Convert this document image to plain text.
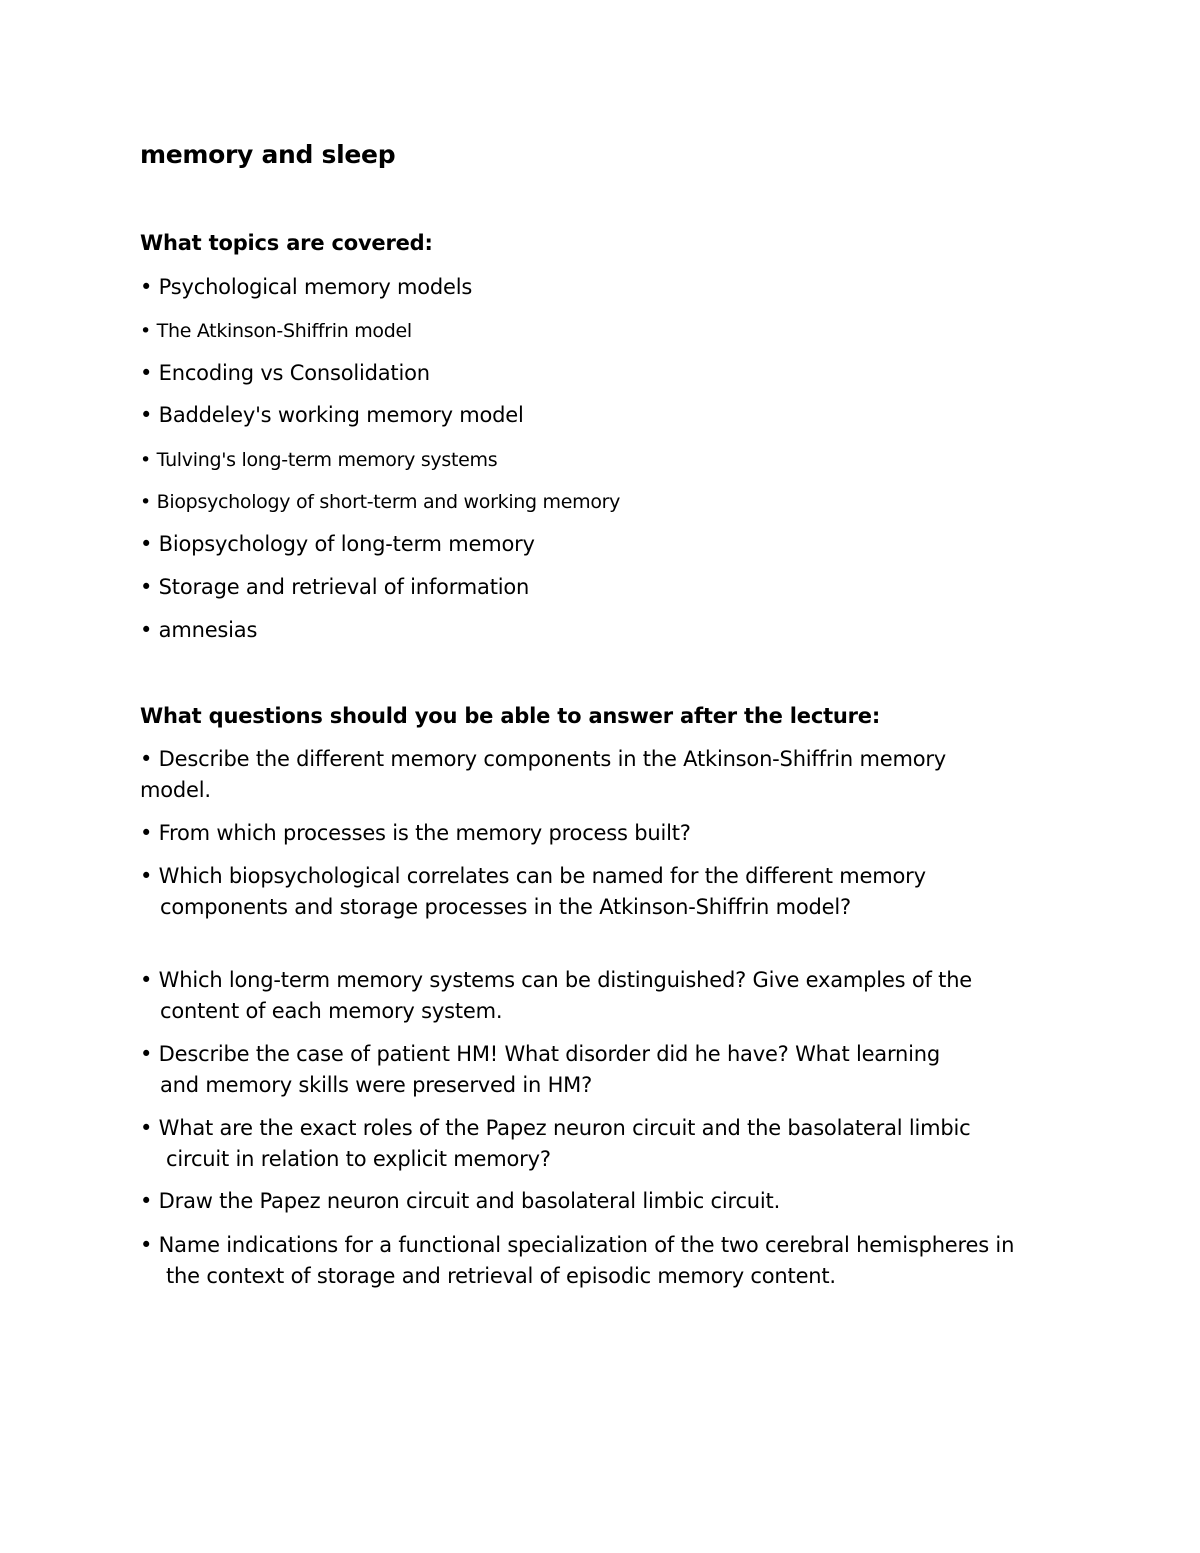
memory and sleep
What topics are covered:
• Psychological memory models
• The Atkinson-Shiffrin model
• Encoding vs Consolidation
• Baddeley's working memory model
• Tulving's long-term memory systems
• Biopsychology of short-term and working memory
• Biopsychology of long-term memory
• Storage and retrieval of information
• amnesias
What questions should you be able to answer after the lecture:
• Describe the different memory components in the Atkinson-Shiffrin memory
model.
• From which processes is the memory process built?
• Which biopsychological correlates can be named for the different memory
components and storage processes in the Atkinson-Shiffrin model?
• Which long-term memory systems can be distinguished? Give examples of the
content of each memory system.
• Describe the case of patient HM! What disorder did he have? What learning
and memory skills were preserved in HM?
• What are the exact roles of the Papez neuron circuit and the basolateral limbic
circuit in relation to explicit memory?
• Draw the Papez neuron circuit and basolateral limbic circuit.
• Name indications for a functional specialization of the two cerebral hemispheres in
the context of storage and retrieval of episodic memory content.
